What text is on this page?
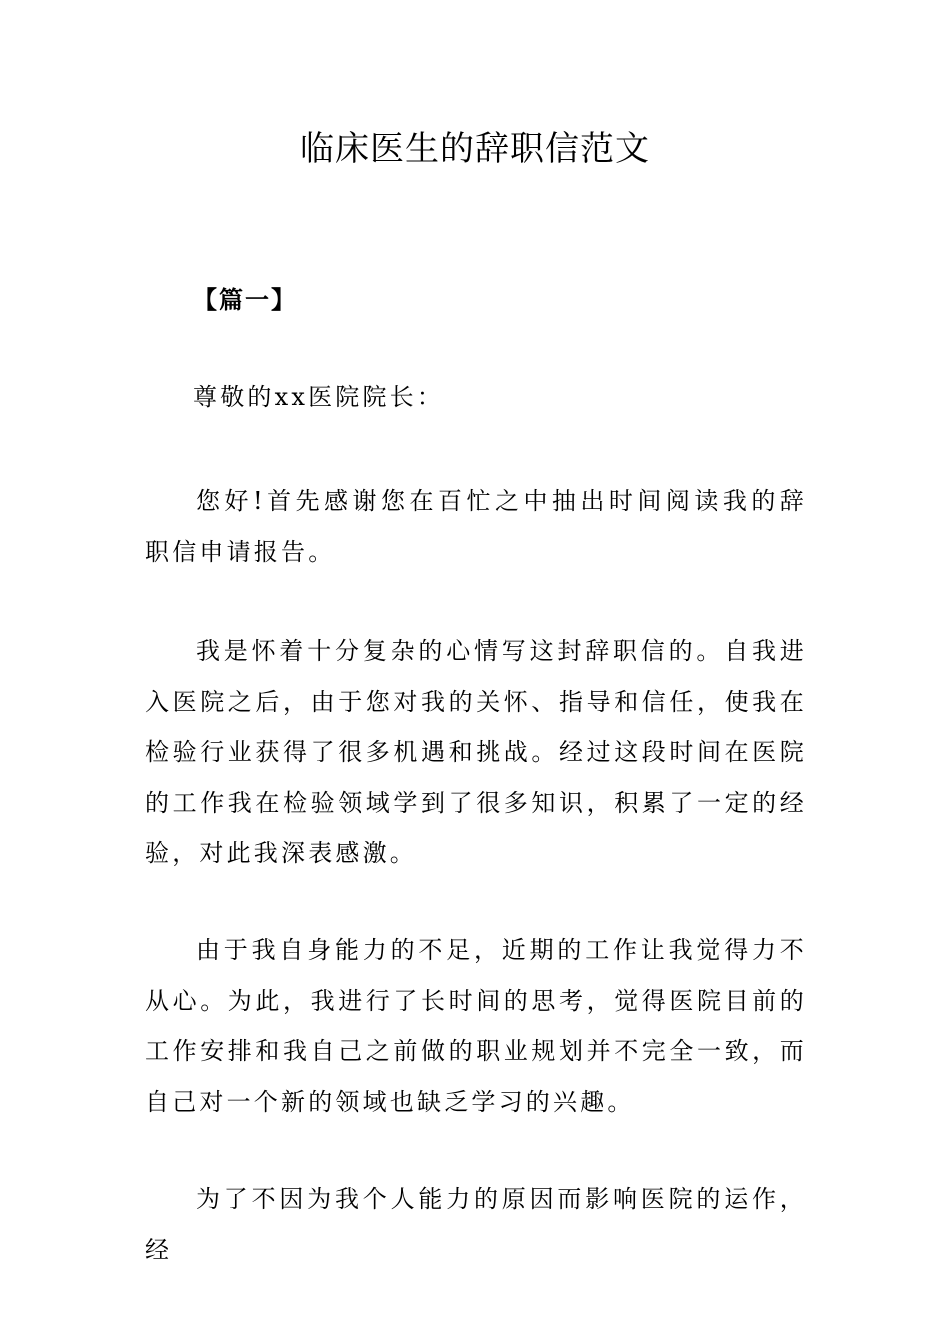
临床医生的辞职信范文

【篇一】

尊敬的xx医院院长：

您好!首先感谢您在百忙之中抽出时间阅读我的辞职信申请报告。

我是怀着十分复杂的心情写这封辞职信的。自我进入医院之后，由于您对我的关怀、指导和信任，使我在检验行业获得了很多机遇和挑战。经过这段时间在医院的工作我在检验领域学到了很多知识，积累了一定的经验，对此我深表感激。

由于我自身能力的不足，近期的工作让我觉得力不从心。为此，我进行了长时间的思考，觉得医院目前的工作安排和我自己之前做的职业规划并不完全一致，而自己对一个新的领域也缺乏学习的兴趣。

为了不因为我个人能力的原因而影响医院的运作，经
